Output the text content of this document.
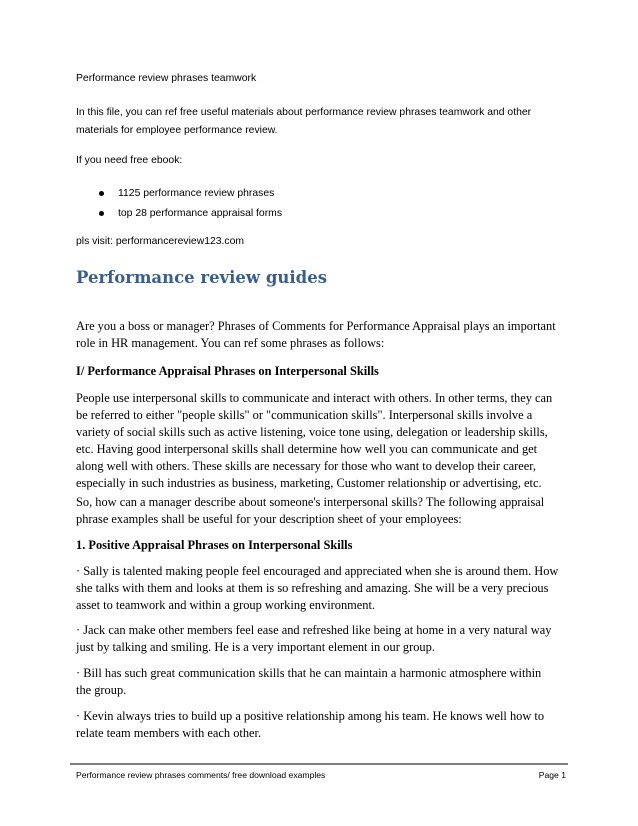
Performance review phrases teamwork

In this file, you can ref free useful materials about performance review phrases teamwork and other
materials for employee performance review.

If you need free ebook:

1125 performance review phrases
top 28 performance appraisal forms

pls visit: performancereview123.com

Performance review guides

Are you a boss or manager? Phrases of Comments for Performance Appraisal plays an important
role in HR management. You can ref some phrases as follows:

I/ Performance Appraisal Phrases on Interpersonal Skills

People use interpersonal skills to communicate and interact with others. In other terms, they can
be referred to either "people skills" or "communication skills". Interpersonal skills involve a
variety of social skills such as active listening, voice tone using, delegation or leadership skills,
etc. Having good interpersonal skills shall determine how well you can communicate and get
along well with others. These skills are necessary for those who want to develop their career,
especially in such industries as business, marketing, Customer relationship or advertising, etc.

So, how can a manager describe about someone's interpersonal skills? The following appraisal
phrase examples shall be useful for your description sheet of your employees:

1. Positive Appraisal Phrases on Interpersonal Skills

· Sally is talented making people feel encouraged and appreciated when she is around them. How
she talks with them and looks at them is so refreshing and amazing. She will be a very precious
asset to teamwork and within a group working environment.

· Jack can make other members feel ease and refreshed like being at home in a very natural way
just by talking and smiling. He is a very important element in our group.

· Bill has such great communication skills that he can maintain a harmonic atmosphere within
the group.

· Kevin always tries to build up a positive relationship among his team. He knows well how to
relate team members with each other.

Performance review phrases comments/ free download examples	Page 1
